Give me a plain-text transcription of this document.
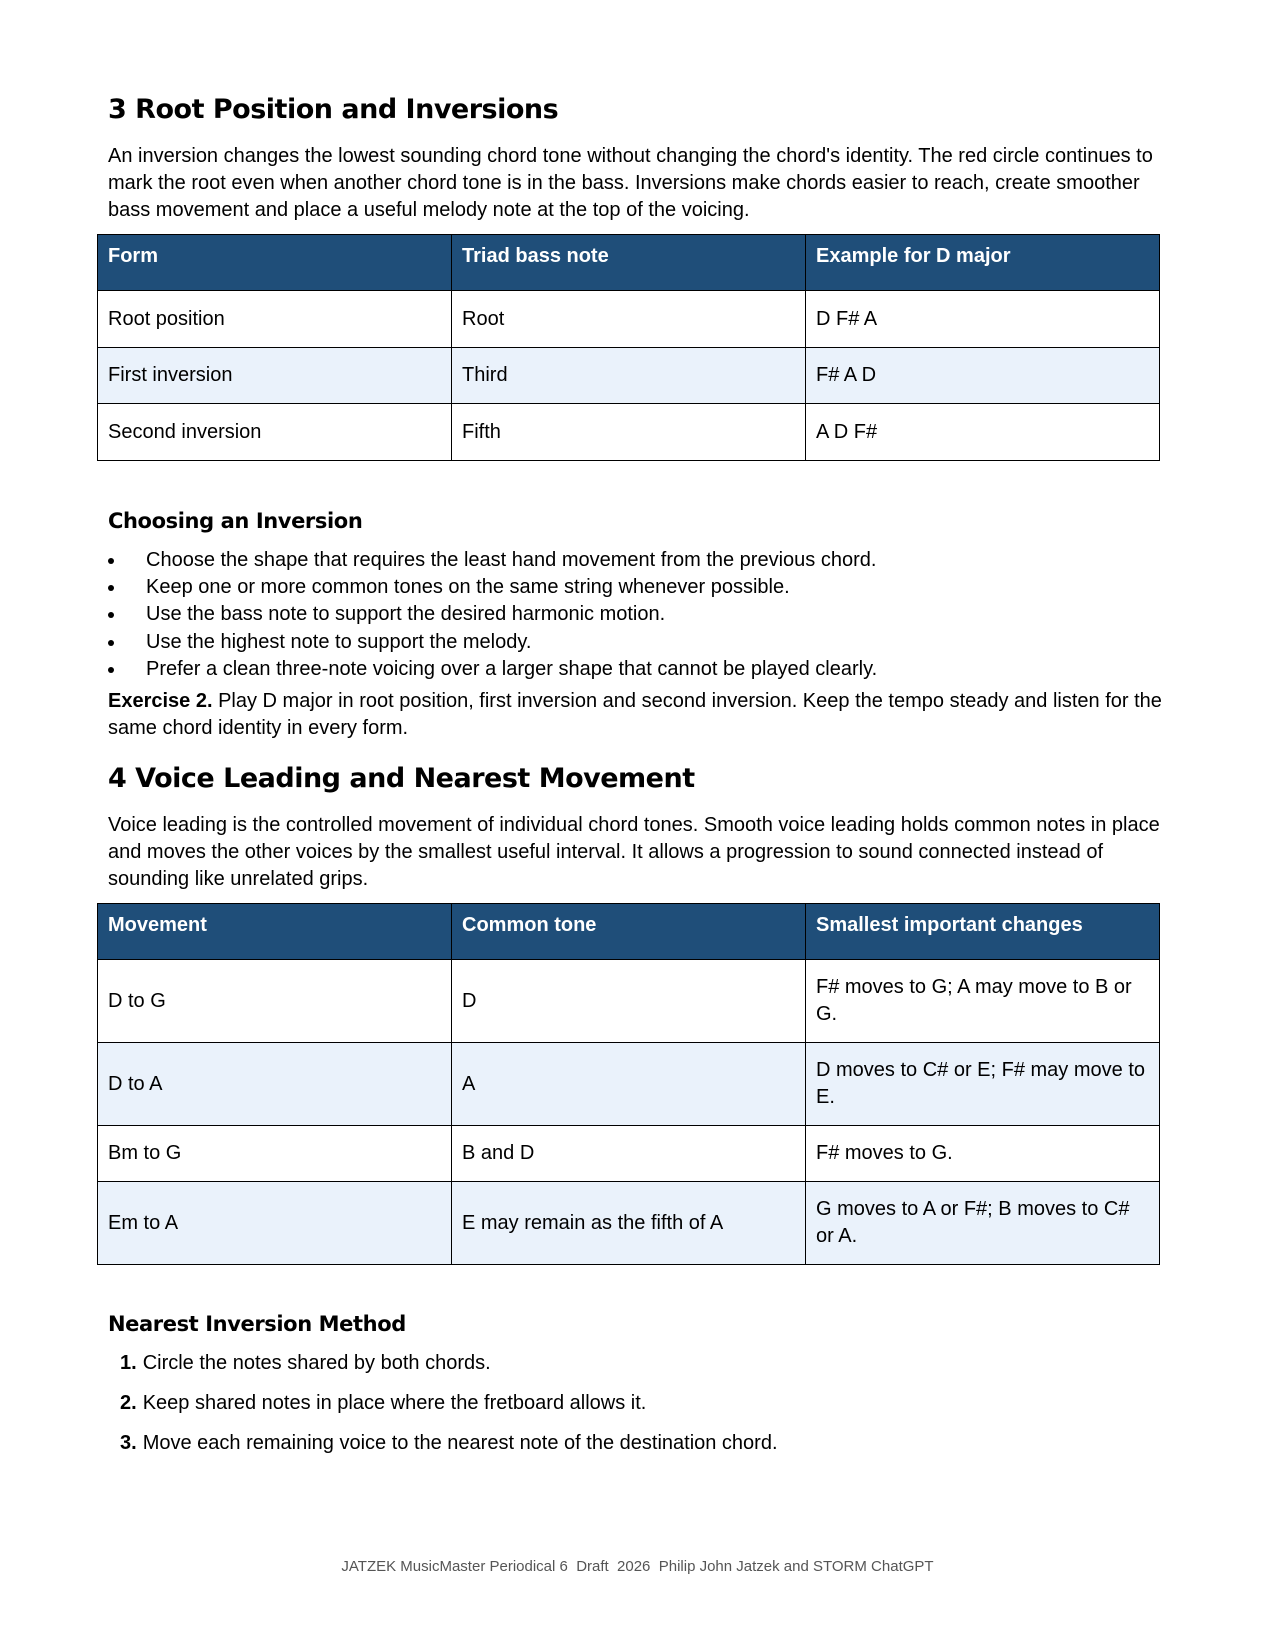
3 Root Position and Inversions

An inversion changes the lowest sounding chord tone without changing the chord's identity. The red circle continues to mark the root even when another chord tone is in the bass. Inversions make chords easier to reach, create smoother bass movement and place a useful melody note at the top of the voicing.

Form	Triad bass note	Example for D major
Root position	Root	D F# A
First inversion	Third	F# A D
Second inversion	Fifth	A D F#
Choosing an Inversion
Choose the shape that requires the least hand movement from the previous chord.
Keep one or more common tones on the same string whenever possible.
Use the bass note to support the desired harmonic motion.
Use the highest note to support the melody.
Prefer a clean three-note voicing over a larger shape that cannot be played clearly.

Exercise 2. Play D major in root position, first inversion and second inversion. Keep the tempo steady and listen for the same chord identity in every form.

4 Voice Leading and Nearest Movement

Voice leading is the controlled movement of individual chord tones. Smooth voice leading holds common notes in place and moves the other voices by the smallest useful interval. It allows a progression to sound connected instead of sounding like unrelated grips.

Movement	Common tone	Smallest important changes
D to G	D	F# moves to G; A may move to B or G.
D to A	A	D moves to C# or E; F# may move to E.
Bm to G	B and D	F# moves to G.
Em to A	E may remain as the fifth of A	G moves to A or F#; B moves to C# or A.
Nearest Inversion Method
1. Circle the notes shared by both chords.
2. Keep shared notes in place where the fretboard allows it.
3. Move each remaining voice to the nearest note of the destination chord.
JATZEK MusicMaster Periodical 6  Draft  2026  Philip John Jatzek and STORM ChatGPT
